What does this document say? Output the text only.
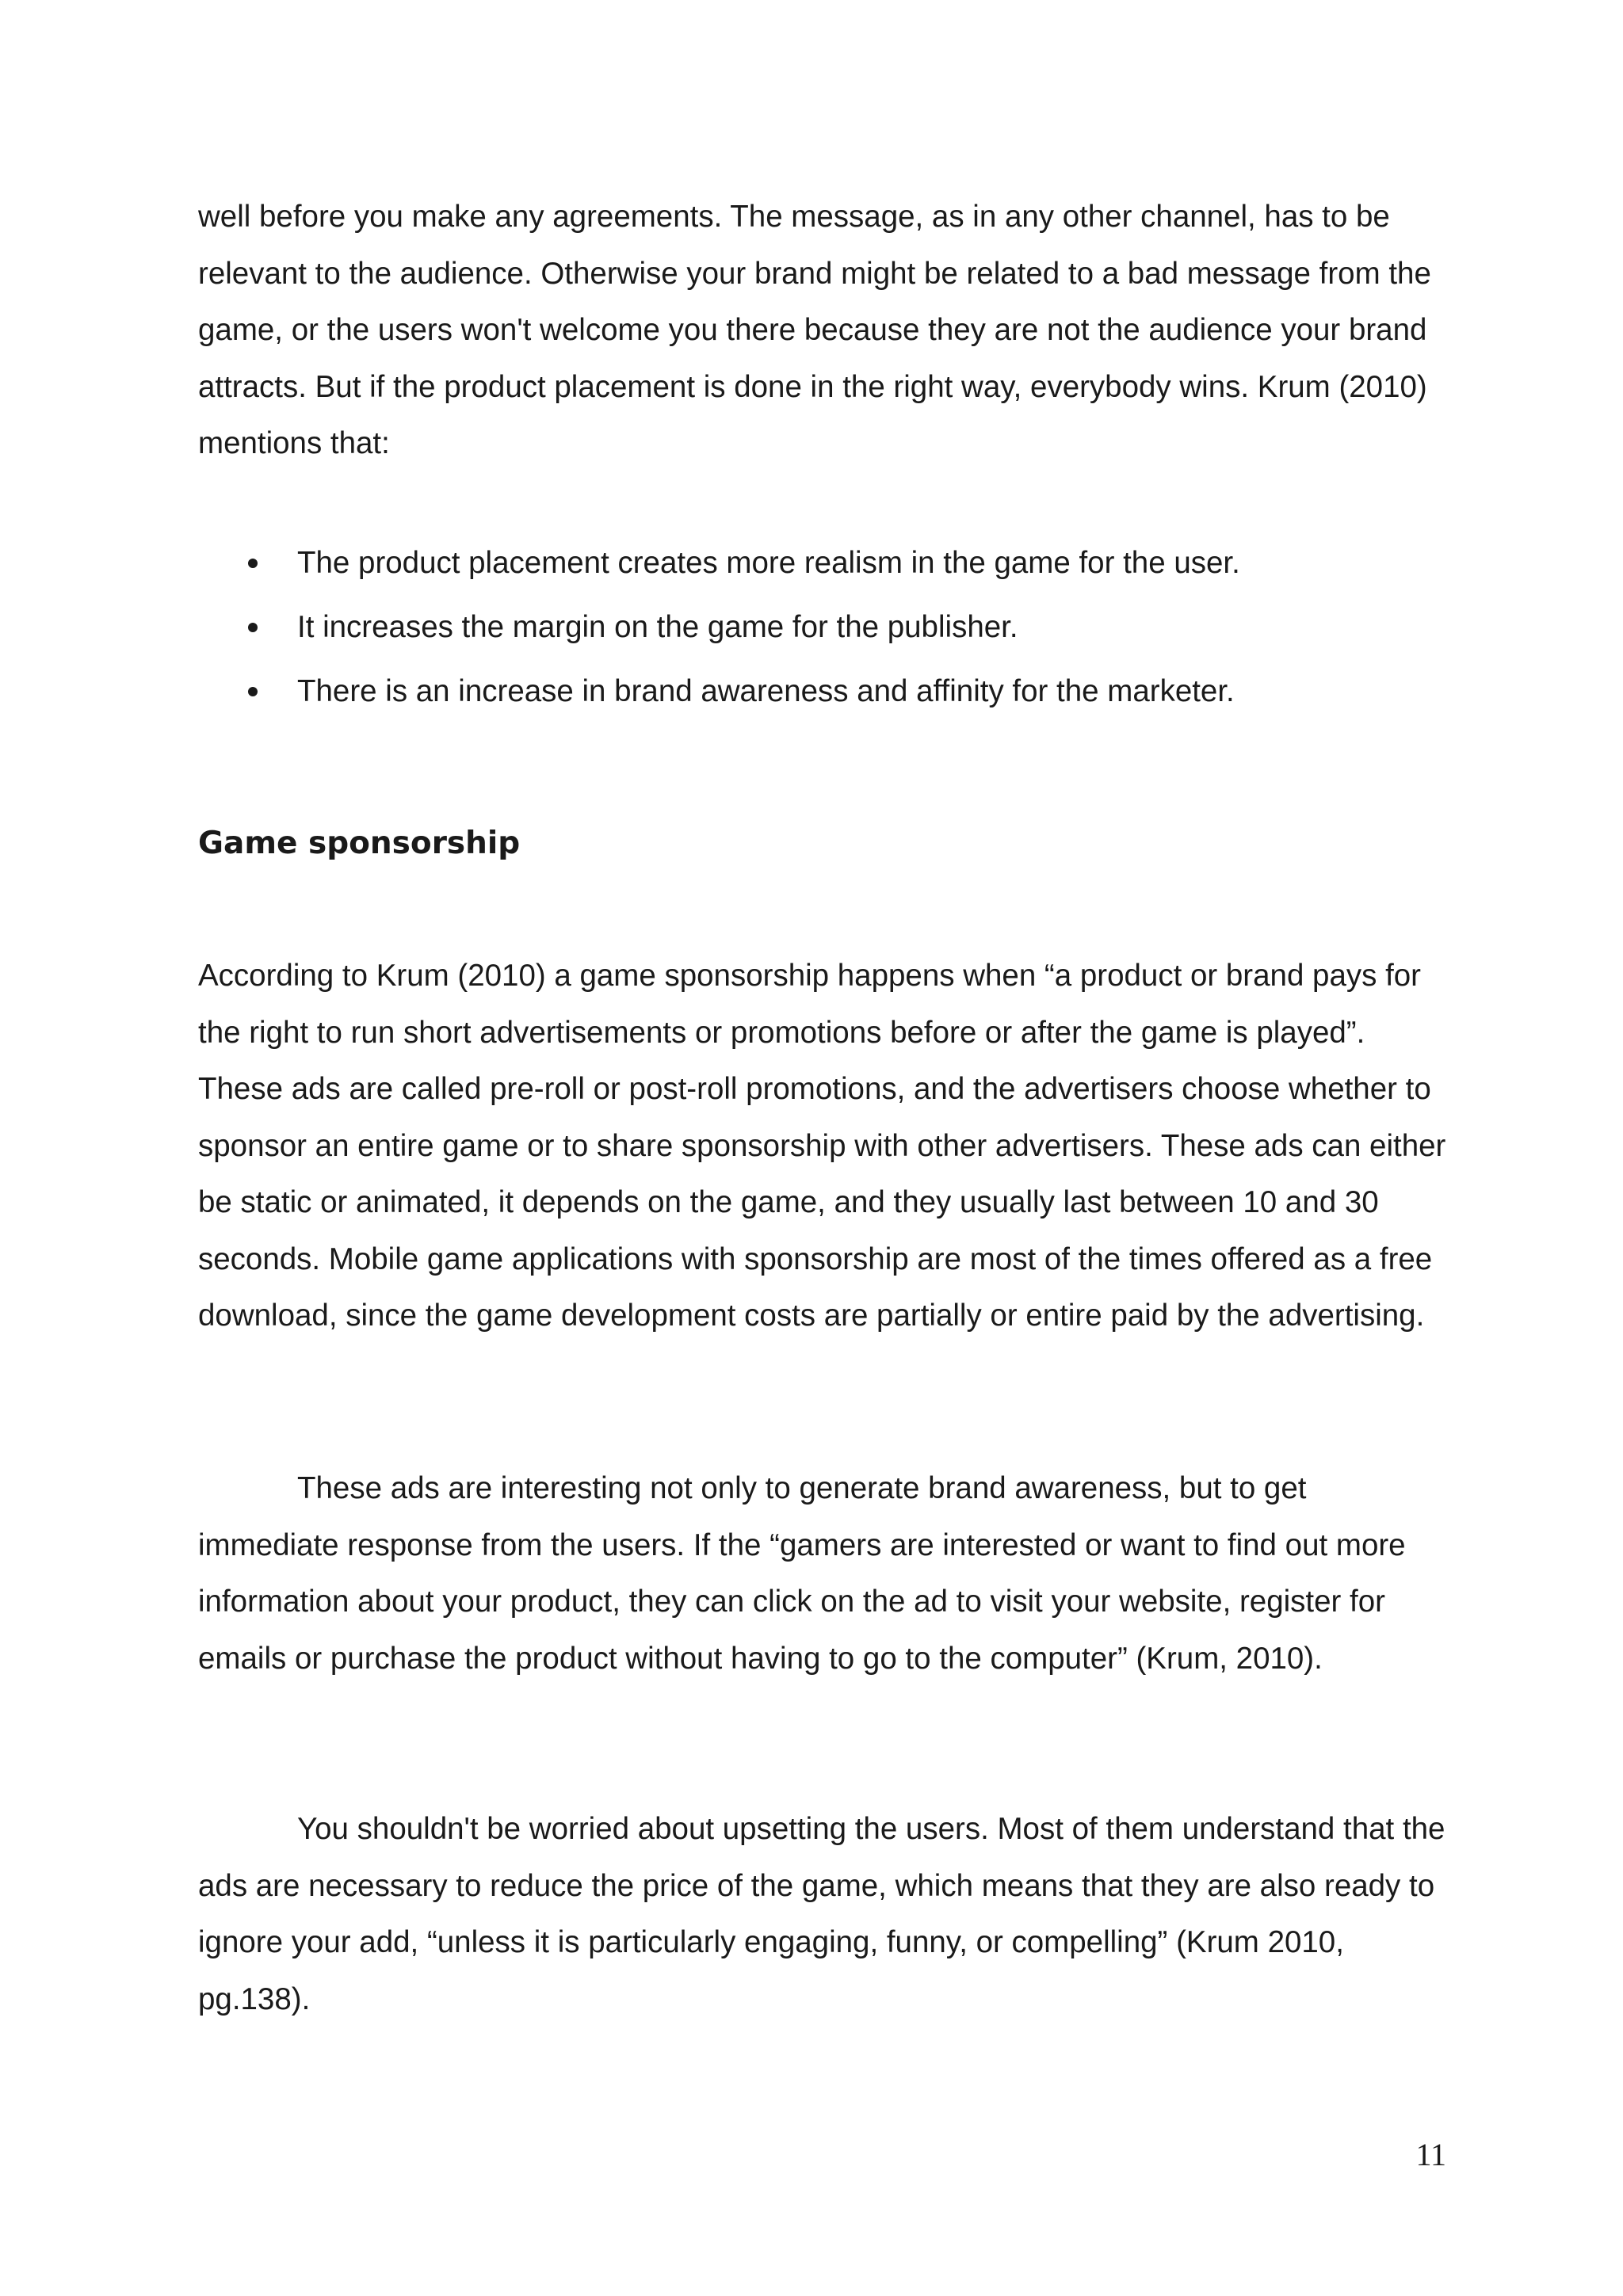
well before you make any agreements. The message, as in any other channel, has to be relevant to the audience. Otherwise your brand might be related to a bad message from the game, or the users won't welcome you there because they are not the audience your brand attracts. But if the product placement is done in the right way, everybody wins. Krum (2010) mentions that:

The product placement creates more realism in the game for the user.
It increases the margin on the game for the publisher.
There is an increase in brand awareness and affinity for the marketer.
Game sponsorship

According to Krum (2010) a game sponsorship happens when “a product or brand pays for the right to run short advertisements or promotions before or after the game is played”. These ads are called pre-roll or post-roll promotions, and the advertisers choose whether to sponsor an entire game or to share sponsorship with other advertisers. These ads can either be static or animated, it depends on the game, and they usually last between 10 and 30 seconds. Mobile game applications with sponsorship are most of the times offered as a free download, since the game development costs are partially or entire paid by the advertising.

These ads are interesting not only to generate brand awareness, but to get immediate response from the users. If the “gamers are interested or want to find out more information about your product, they can click on the ad to visit your website, register for emails or purchase the product without having to go to the computer” (Krum, 2010).

You shouldn't be worried about upsetting the users. Most of them understand that the ads are necessary to reduce the price of the game, which means that they are also ready to ignore your add, “unless it is particularly engaging, funny, or compelling” (Krum 2010, pg.138).

11
